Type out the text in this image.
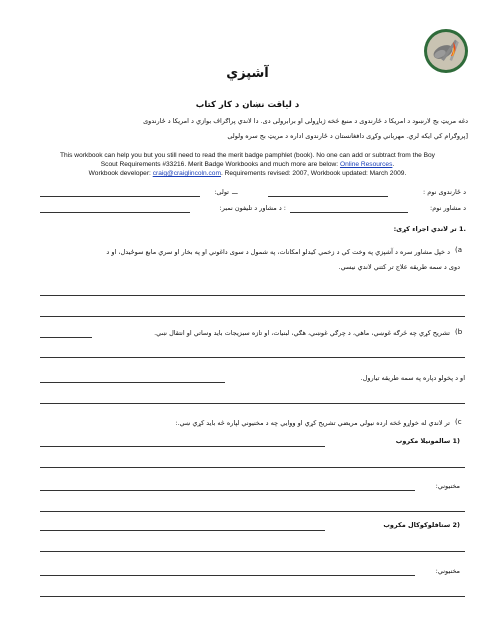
آشپزي
د لياقت نښان د کار کتاب
دغه مريټ بج لارښود د امريکا د ځارندوی د منبع څخه ژباړولی او برابرولی دی. دا لاندي پراګراف بوازي د امريکا د ځارندوی
[پروګرام کي ايکه لري. مهرباني وکړی دافغانستان د ځارندوی اداره د مريټ بج سره ولولی
This workbook can help you but you still need to read the merit badge pamphlet (book). No one can add or subtract from the Boy
Scout Requirements #33216. Merit Badge Workbooks and much more are below: Online Resources.
Workbook developer: craig@craiglincoln.com. Requirements revised: 2007, Workbook updated: March 2009.
تولی: ـــ	د ځارندوی نوم :
: د مشاور د تليفون نمبر:	د مشاور نوم:
.1 تر لاندي اجراء کړی:
(a
د خپل مشاور سره د آشپزي په وخت کي د زخمي کيدلو امکانات، په شمول د سوی داغوني او په بخار او سري مابع سوځيدل، او د
دوی د سمه طريقه علاج تر کتني لاندي نيسي.
(b
تشريح کړي چه څرګه غوښي، ماهي، د چرګي غوښي، هګي، لبنيات، او تازه سبزيجات بايد وساتي او انتقال ښي.
او د پخولو دپاره په سمه طريقه تيارول.
(c
تر لاندي له خواړو څخه ارده نيولي مريضي تشريح کړي او ووايي چه د مخنيوني لپاره څه بايد کړي ښي.:
(1 سالمونيلا مکروب
مخنيوني:
(2 ستافلوکوکال مکروب
مخنيوني:
